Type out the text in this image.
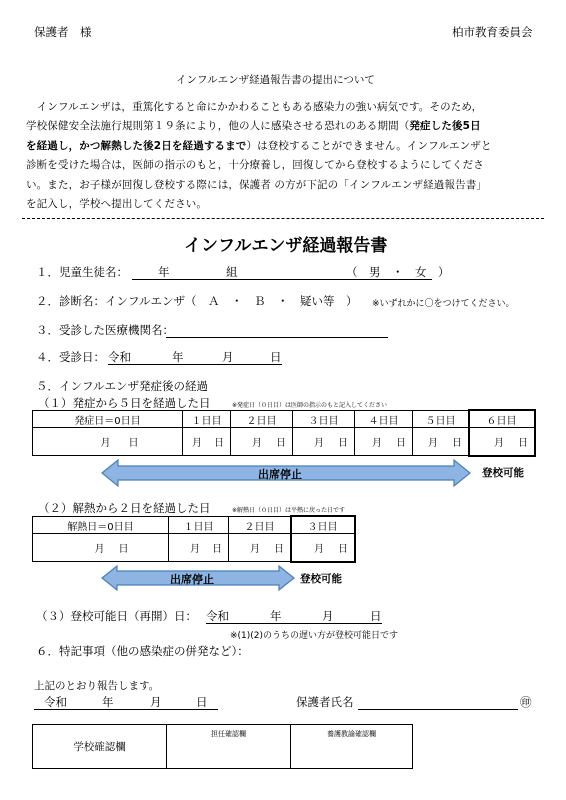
保護者　様	柏市教育委員会
インフルエンザ経過報告書の提出について
　インフルエンザは，重篤化すると命にかかわることもある感染力の強い病気です。そのため，
学校保健安全法施行規則第１９条により，他の人に感染させる恐れのある期間（発症した後5日
を経過し，かつ解熱した後2日を経過するまで）は登校することができません。インフルエンザと
診断を受けた場合は，医師の指示のもと，十分療養し，回復してから登校するようにしてくださ
い。また，お子様が回復し登校する際には，保護者 の方が下記の「インフルエンザ経過報告書」
を記入し，学校へ提出してください。
インフルエンザ経過報告書
１．児童生徒名：	年	組	（　男　・　女　）
２．診断名：インフルエンザ（　Ａ　・　Ｂ　・　疑い等　） ※いずれかに〇をつけてください。
３．受診した医療機関名：
４．受診日： 令和	年	月	日
５．インフルエンザ発症後の経過
（１）発症から５日を経過した日	※発症日（０日目）は医師の指示のもと記入してください
発症日＝0日目	１日目	２日目	３日目	４日目	５日目	６日目
月 日	月 日	月 日	月 日	月 日	月 日	月 日
出席停止	登校可能
（２）解熱から２日を経過した日	※解熱日（０日目）は平熱に戻った日です
解熱日＝0日目	１日目	２日目	３日目
月 日	月 日	月 日	月 日
出席停止	登校可能
（３）登校可能日（再開）日： 令和	年	月	日
※(1)(2)のうちの遅い方が登校可能日です
６．特記事項（他の感染症の併発など）：
上記のとおり報告します。
令和	年	月	日	保護者氏名	㊞
学校確認欄	担任確認欄	養護教諭確認欄
